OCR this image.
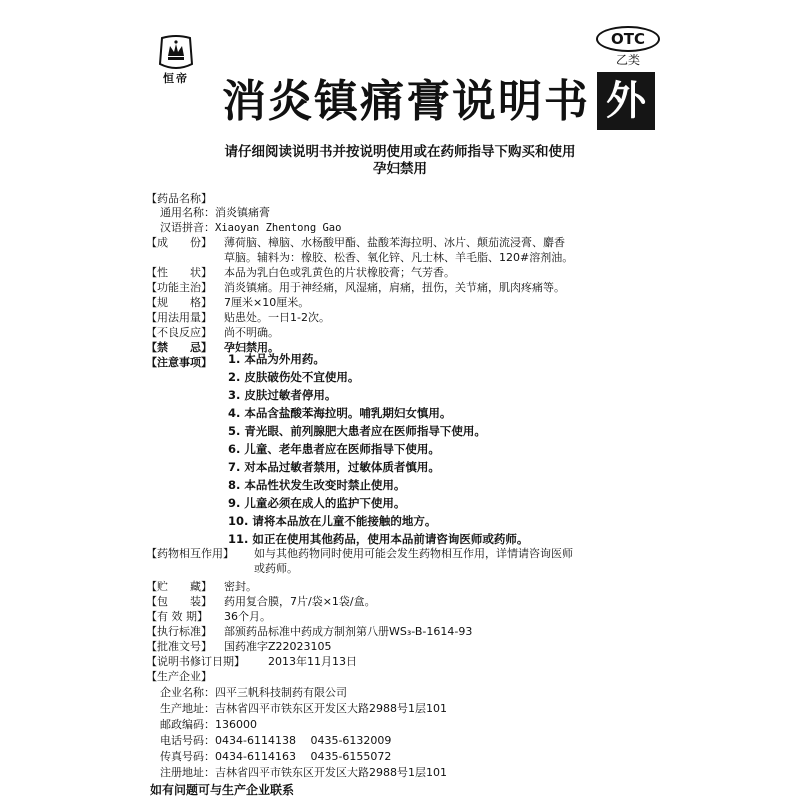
恒帝 消炎镇痛膏说明书
OTC
乙类
外
请仔细阅读说明书并按说明使用或在药师指导下购买和使用
孕妇禁用
【药品名称】
通用名称：消炎镇痛膏
汉语拼音：Xiaoyan Zhentong Gao
【成　　份】 薄荷脑、樟脑、水杨酸甲酯、盐酸苯海拉明、冰片、颠茄流浸膏、麝香
草脑。辅料为：橡胶、松香、氧化锌、凡士林、羊毛脂、120#溶剂油。
【性　　状】 本品为乳白色或乳黄色的片状橡胶膏；气芳香。
【功能主治】 消炎镇痛。用于神经痛，风湿痛，肩痛，扭伤，关节痛，肌肉疼痛等。
【规　　格】 7厘米×10厘米。
【用法用量】 贴患处。一日1-2次。
【不良反应】 尚不明确。
【禁　　忌】 孕妇禁用。
【注意事项】	1. 本品为外用药。
2. 皮肤破伤处不宜使用。
3. 皮肤过敏者停用。
4. 本品含盐酸苯海拉明。哺乳期妇女慎用。
5. 青光眼、前列腺肥大患者应在医师指导下使用。
6. 儿童、老年患者应在医师指导下使用。
7. 对本品过敏者禁用，过敏体质者慎用。
8. 本品性状发生改变时禁止使用。
9. 儿童必须在成人的监护下使用。
10. 请将本品放在儿童不能接触的地方。
11. 如正在使用其他药品，使用本品前请咨询医师或药师。
【药物相互作用】 如与其他药物同时使用可能会发生药物相互作用，详情请咨询医师
或药师。
【贮　　藏】 密封。
【包　　装】 药用复合膜，7片/袋×1袋/盒。
【有 效 期】 36个月。
【执行标准】 部颁药品标准中药成方制剂第八册WS₃-B-1614-93
【批准文号】 国药准字Z22023105
【说明书修订日期】 2013年11月13日
【生产企业】
企业名称：四平三帆科技制药有限公司
生产地址：吉林省四平市铁东区开发区大路2988号1层101
邮政编码：136000
电话号码：0434-6114138　 0435-6132009
传真号码：0434-6114163　 0435-6155072
注册地址：吉林省四平市铁东区开发区大路2988号1层101
如有问题可与生产企业联系
